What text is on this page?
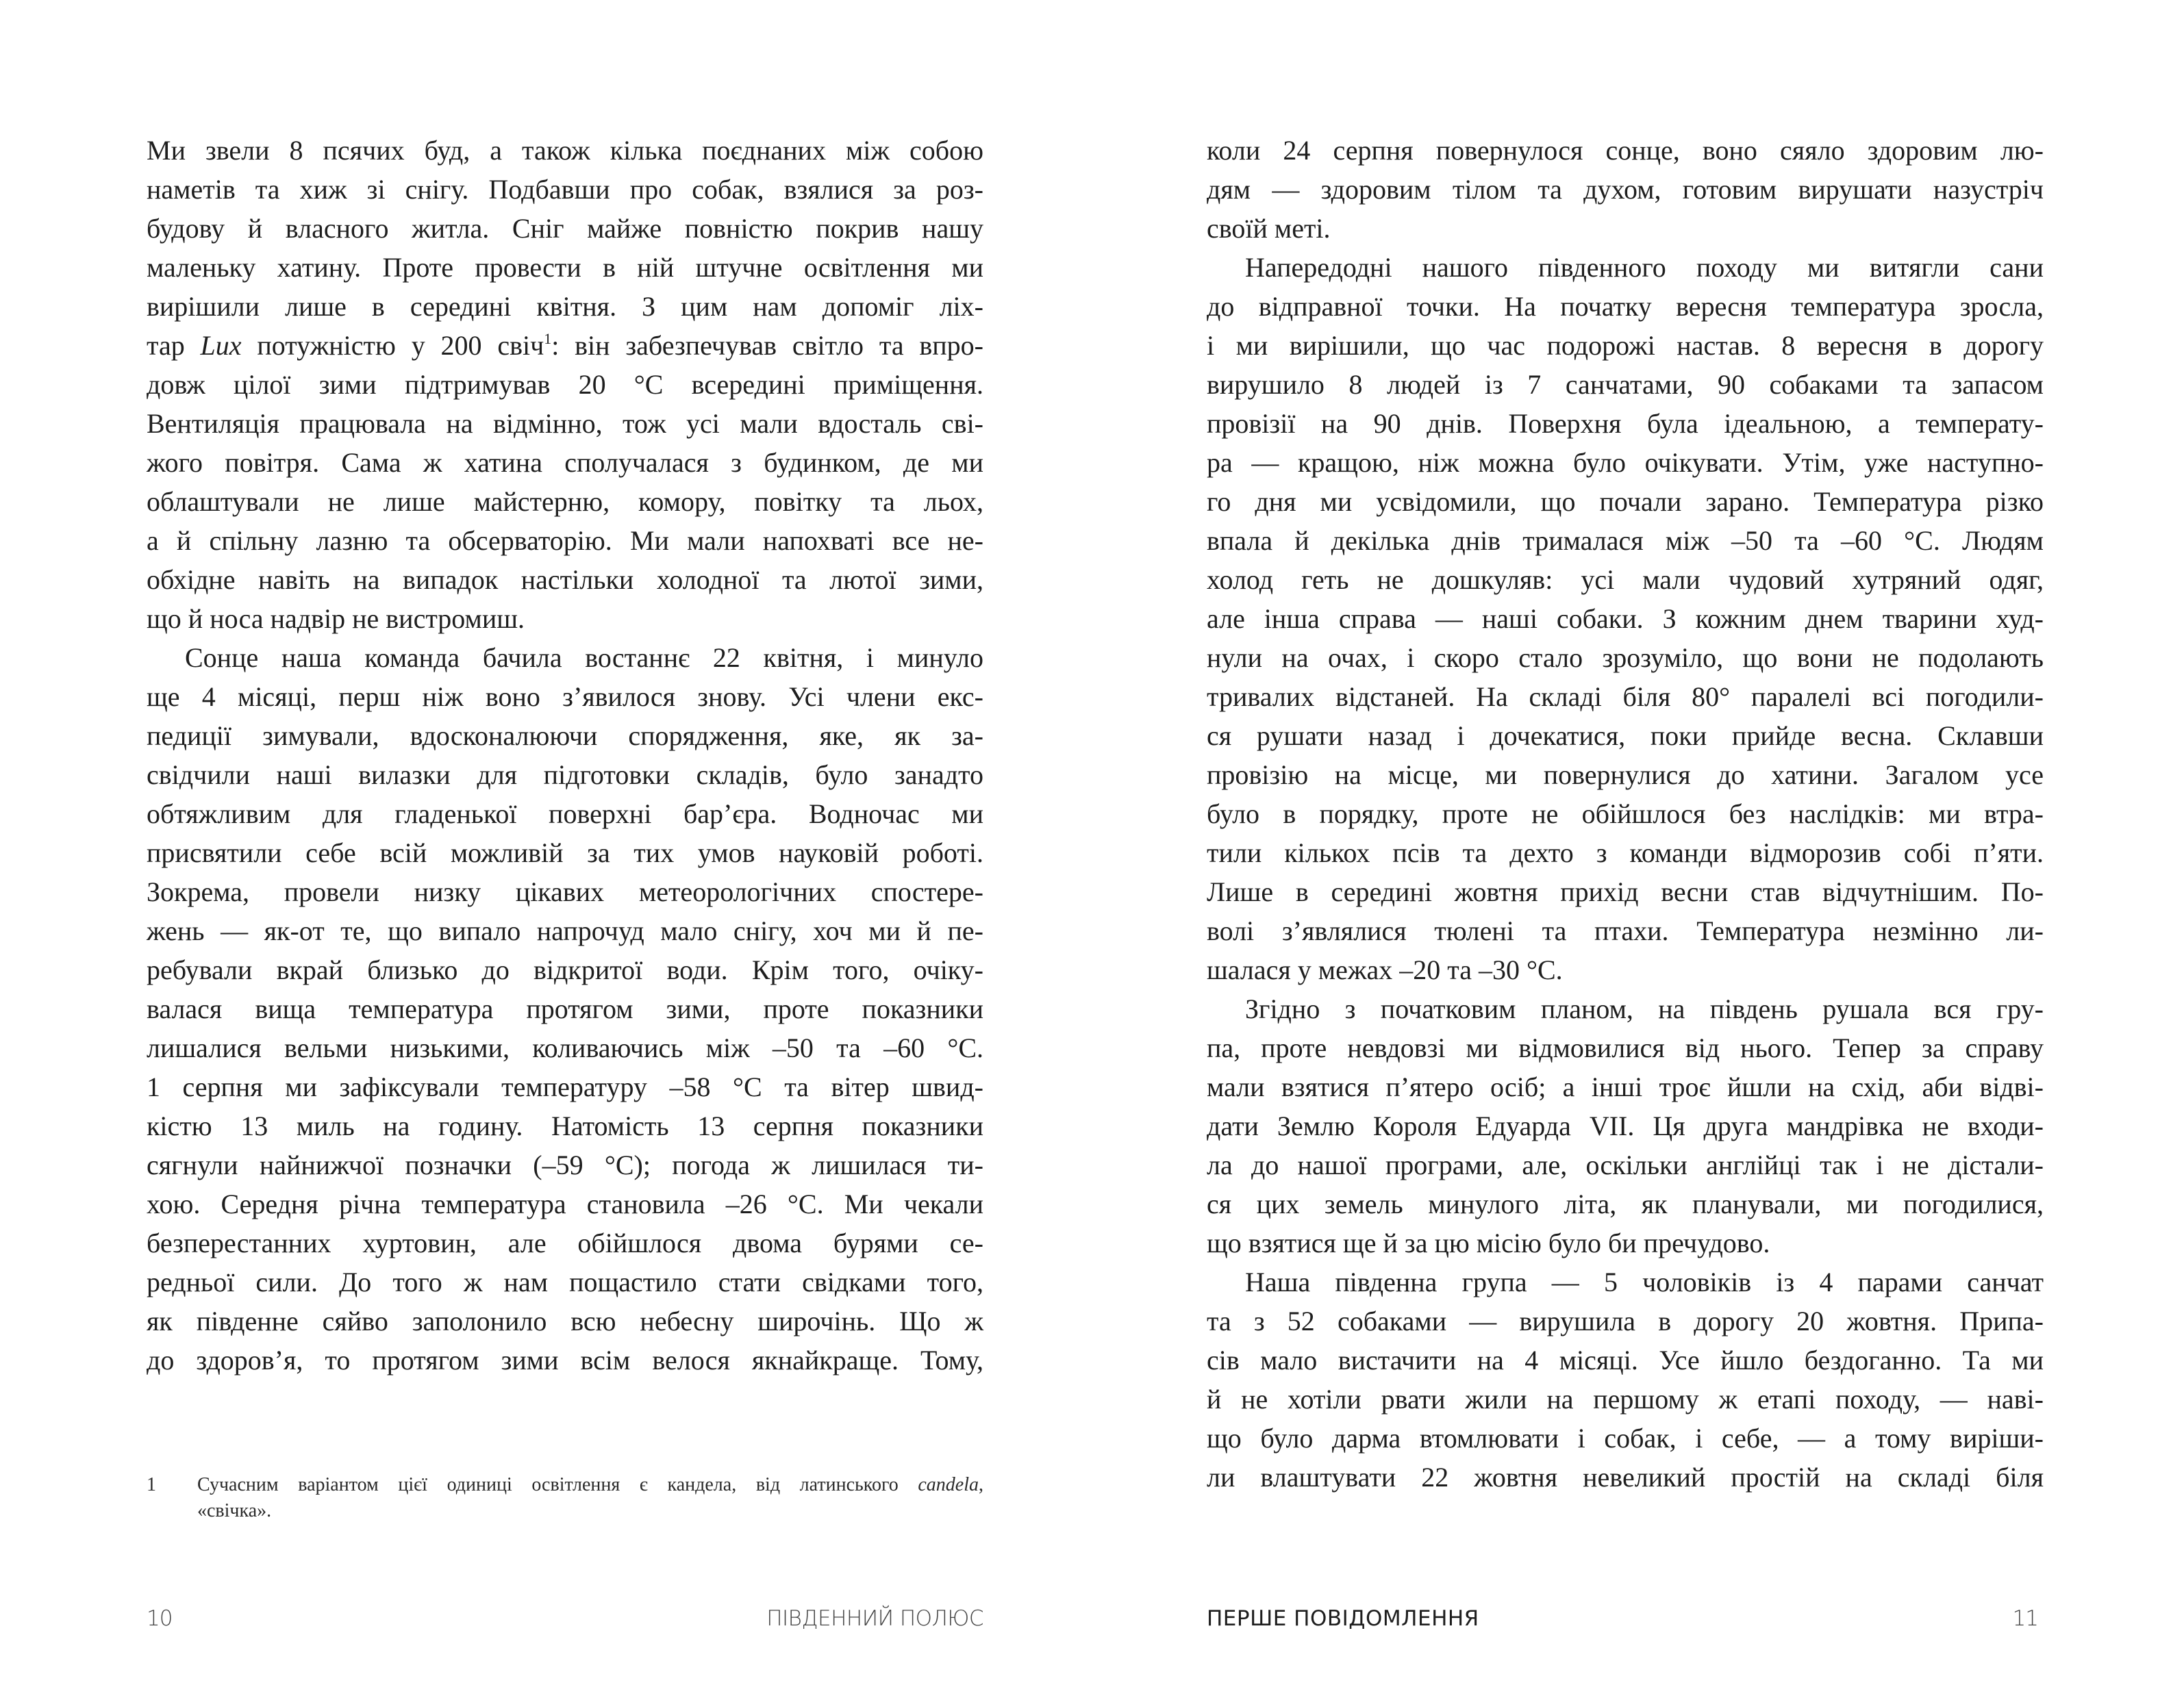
Ми звели 8 псячих буд, а також кілька поєднаних між собою
наметів та хиж зі снігу. Подбавши про собак, взялися за роз-
будову й власного житла. Сніг майже повністю покрив нашу
маленьку хатину. Проте провести в ній штучне освітлення ми
вирішили лише в середині квітня. З цим нам допоміг ліх-
тар Lux потужністю у 200 свіч$^1$: він забезпечував світло та впро-
довж цілої зими підтримував 20 °C всередині приміщення.
Вентиляція працювала на відмінно, тож усі мали вдосталь сві-
жого повітря. Сама ж хатина сполучалася з будинком, де ми
облаштували не лише майстерню, комору, повітку та льох,
а й спільну лазню та обсерваторію. Ми мали напохваті все не-
обхідне навіть на випадок настільки холодної та лютої зими,
що й носа надвір не вистромиш.
Сонце наша команда бачила востаннє 22 квітня, і минуло
ще 4 місяці, перш ніж воно з’явилося знову. Усі члени екс-
педиції зимували, вдосконалюючи спорядження, яке, як за-
свідчили наші вилазки для підготовки складів, було занадто
обтяжливим для гладенької поверхні бар’єра. Водночас ми
присвятили себе всій можливій за тих умов науковій роботі.
Зокрема, провели низку цікавих метеорологічних спостере-
жень — як-от те, що випало напрочуд мало снігу, хоч ми й пе-
ребували вкрай близько до відкритої води. Крім того, очіку-
валася вища температура протягом зими, проте показники
лишалися вельми низькими, коливаючись між –50 та –60 °C.
1 серпня ми зафіксували температуру –58 °C та вітер швид-
кістю 13 миль на годину. Натомість 13 серпня показники
сягнули найнижчої позначки (–59 °C); погода ж лишилася ти-
хою. Середня річна температура становила –26 °C. Ми чекали
безперестанних хуртовин, але обійшлося двома бурями се-
редньої сили. До того ж нам пощастило стати свідками того,
як південне сяйво заполонило всю небесну широчінь. Що ж
до здоров’я, то протягом зими всім велося якнайкраще. Тому,
1 Сучасним варіантом цієї одиниці освітлення є кандела, від латинського candela,
«свічка».
10	ПІВДЕННИЙ ПОЛЮС
коли 24 серпня повернулося сонце, воно сяяло здоровим лю-
дям — здоровим тілом та духом, готовим вирушати назустріч
своїй меті.
Напередодні нашого південного походу ми витягли сани
до відправної точки. На початку вересня температура зросла,
і ми вирішили, що час подорожі настав. 8 вересня в дорогу
вирушило 8 людей із 7 санчатами, 90 собаками та запасом
провізії на 90 днів. Поверхня була ідеальною, а температу-
ра — кращою, ніж можна було очікувати. Утім, уже наступно-
го дня ми усвідомили, що почали зарано. Температура різко
впала й декілька днів трималася між –50 та –60 °C. Людям
холод геть не дошкуляв: усі мали чудовий хутряний одяг,
але інша справа — наші собаки. З кожним днем тварини худ-
нули на очах, і скоро стало зрозуміло, що вони не подолають
тривалих відстаней. На складі біля 80° паралелі всі погодили-
ся рушати назад і дочекатися, поки прийде весна. Склавши
провізію на місце, ми повернулися до хатини. Загалом усе
було в порядку, проте не обійшлося без наслідків: ми втра-
тили кількох псів та дехто з команди відморозив собі п’яти.
Лише в середині жовтня прихід весни став відчутнішим. По-
волі з’являлися тюлені та птахи. Температура незмінно ли-
шалася у межах –20 та –30 °C.
Згідно з початковим планом, на південь рушала вся гру-
па, проте невдовзі ми відмовилися від нього. Тепер за справу
мали взятися п’ятеро осіб; а інші троє йшли на схід, аби відві-
дати Землю Короля Едуарда VII. Ця друга мандрівка не входи-
ла до нашої програми, але, оскільки англійці так і не дістали-
ся цих земель минулого літа, як планували, ми погодилися,
що взятися ще й за цю місію було би пречудово.
Наша південна група — 5 чоловіків із 4 парами санчат
та з 52 собаками — вирушила в дорогу 20 жовтня. Припа-
сів мало вистачити на 4 місяці. Усе йшло бездоганно. Та ми
й не хотіли рвати жили на першому ж етапі походу, — наві-
що було дарма втомлювати і собак, і себе, — а тому виріши-
ли влаштувати 22 жовтня невеликий простій на складі біля
ПЕРШЕ ПОВІДОМЛЕННЯ	11
